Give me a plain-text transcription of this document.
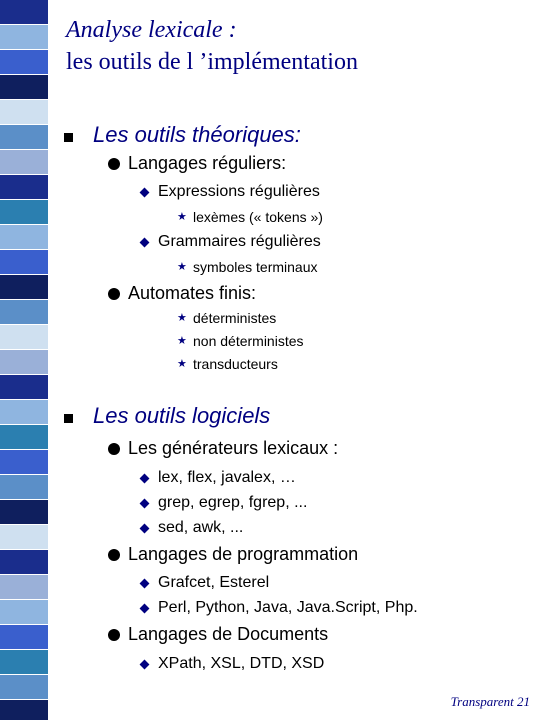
Analyse lexicale :
les outils de l ’implémentation
Les outils théoriques:
Langages réguliers:
Expressions régulières
★ lexèmes (« tokens »)
Grammaires régulières
★ symboles terminaux
Automates finis:
★ déterministes
★ non déterministes
★ transducteurs
Les outils logiciels
Les générateurs lexicaux :
lex, flex, javalex, …
grep, egrep, fgrep, ...
sed, awk, ...
Langages de programmation
Grafcet, Esterel
Perl, Python, Java, Java.Script, Php.
Langages de Documents
XPath, XSL, DTD, XSD
Transparent 21
